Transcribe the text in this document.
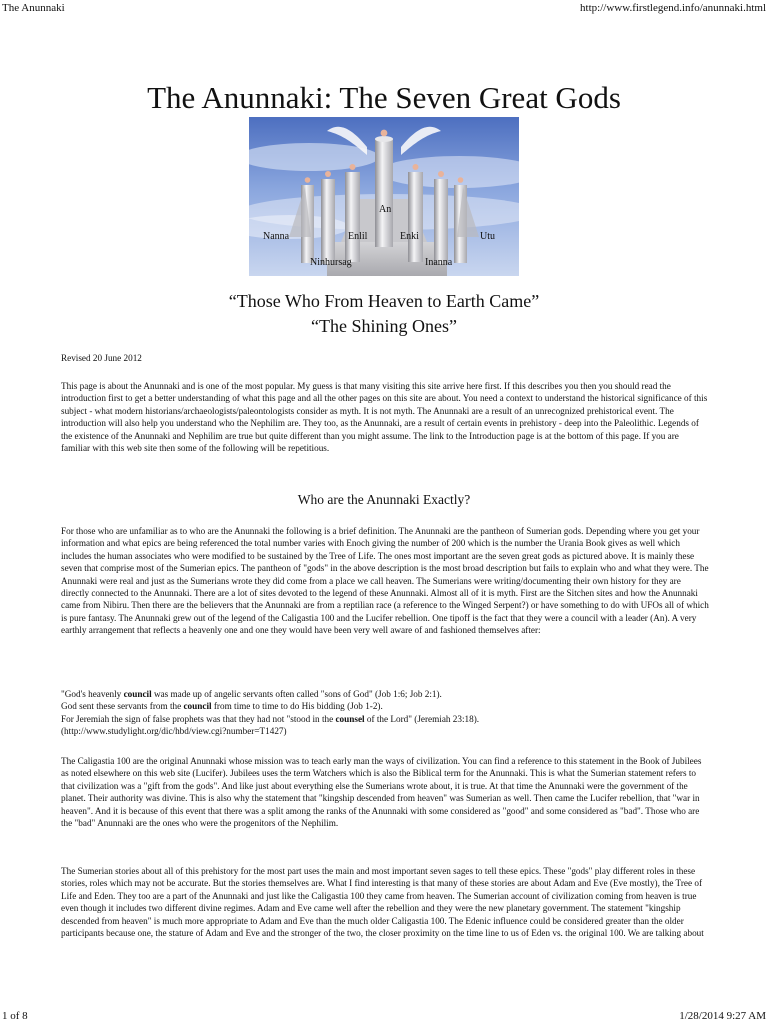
The Anunnaki	http://www.firstlegend.info/anunnaki.html
The Anunnaki: The Seven Great Gods
An
Nanna	Enlil	Enki	Utu
Ninhursag	Inanna
“Those Who From Heaven to Earth Came”
“The Shining Ones”

Revised 20 June 2012

This page is about the Anunnaki and is one of the most popular. My guess is that many visiting this site arrive here first. If this describes you then you should read the introduction first to get a better understanding of what this page and all the other pages on this site are about. You need a context to understand the historical significance of this subject - what modern historians/archaeologists/paleontologists consider as myth. It is not myth. The Anunnaki are a result of an unrecognized prehistorical event. The introduction will also help you understand who the Nephilim are. They too, as the Anunnaki, are a result of certain events in prehistory - deep into the Paleolithic. Legends of the existence of the Anunnaki and Nephilim are true but quite different than you might assume. The link to the Introduction page is at the bottom of this page. If you are familiar with this web site then some of the following will be repetitious.

Who are the Anunnaki Exactly?

For those who are unfamiliar as to who are the Anunnaki the following is a brief definition. The Anunnaki are the pantheon of Sumerian gods. Depending where you get your information and what epics are being referenced the total number varies with Enoch giving the number of 200 which is the number the Urania Book gives as well which includes the human associates who were modified to be sustained by the Tree of Life. The ones most important are the seven great gods as pictured above. It is mainly these seven that comprise most of the Sumerian epics. The pantheon of "gods" in the above description is the most broad description but fails to explain who and what they were. The Anunnaki were real and just as the Sumerians wrote they did come from a place we call heaven. The Sumerians were writing/documenting their own history for they are directly connected to the Anunnaki. There are a lot of sites devoted to the legend of these Anunnaki. Almost all of it is myth. First are the Sitchen sites and how the Anunnaki came from Nibiru. Then there are the believers that the Anunnaki are from a reptilian race (a reference to the Winged Serpent?) or have something to do with UFOs all of which is pure fantasy. The Anunnaki grew out of the legend of the Caligastia 100 and the Lucifer rebellion. One tipoff is the fact that they were a council with a leader (An). A very earthly arrangement that reflects a heavenly one and one they would have been very well aware of and fashioned themselves after:

"God's heavenly council was made up of angelic servants often called "sons of God" (Job 1:6; Job 2:1).

God sent these servants from the council from time to time to do His bidding (Job 1-2).

For Jeremiah the sign of false prophets was that they had not "stood in the counsel of the Lord" (Jeremiah 23:18).

(http://www.studylight.org/dic/hbd/view.cgi?number=T1427)

The Caligastia 100 are the original Anunnaki whose mission was to teach early man the ways of civilization. You can find a reference to this statement in the Book of Jubilees as noted elsewhere on this web site (Lucifer). Jubilees uses the term Watchers which is also the Biblical term for the Anunnaki. This is what the Sumerian statement refers to that civilization was a "gift from the gods". And like just about everything else the Sumerians wrote about, it is true. At that time the Anunnaki were the government of the planet. Their authority was divine. This is also why the statement that "kingship descended from heaven" was Sumerian as well. Then came the Lucifer rebellion, that "war in heaven". And it is because of this event that there was a split among the ranks of the Anunnaki with some considered as "good" and some considered as "bad". Those who are the "bad" Anunnaki are the ones who were the progenitors of the Nephilim.

The Sumerian stories about all of this prehistory for the most part uses the main and most important seven sages to tell these epics. These "gods" play different roles in these stories, roles which may not be accurate. But the stories themselves are. What I find interesting is that many of these stories are about Adam and Eve (Eve mostly), the Tree of Life and Eden. They too are a part of the Anunnaki and just like the Caligastia 100 they came from heaven. The Sumerian account of civilization coming from heaven is true even though it includes two different divine regimes. Adam and Eve came well after the rebellion and they were the new planetary government. The statement "kingship descended from heaven" is much more appropriate to Adam and Eve than the much older Caligastia 100. The Edenic influence could be considered greater than the older participants because one, the stature of Adam and Eve and the stronger of the two, the closer proximity on the time line to us of Eden vs. the original 100. We are talking about

1 of 8	1/28/2014 9:27 AM
